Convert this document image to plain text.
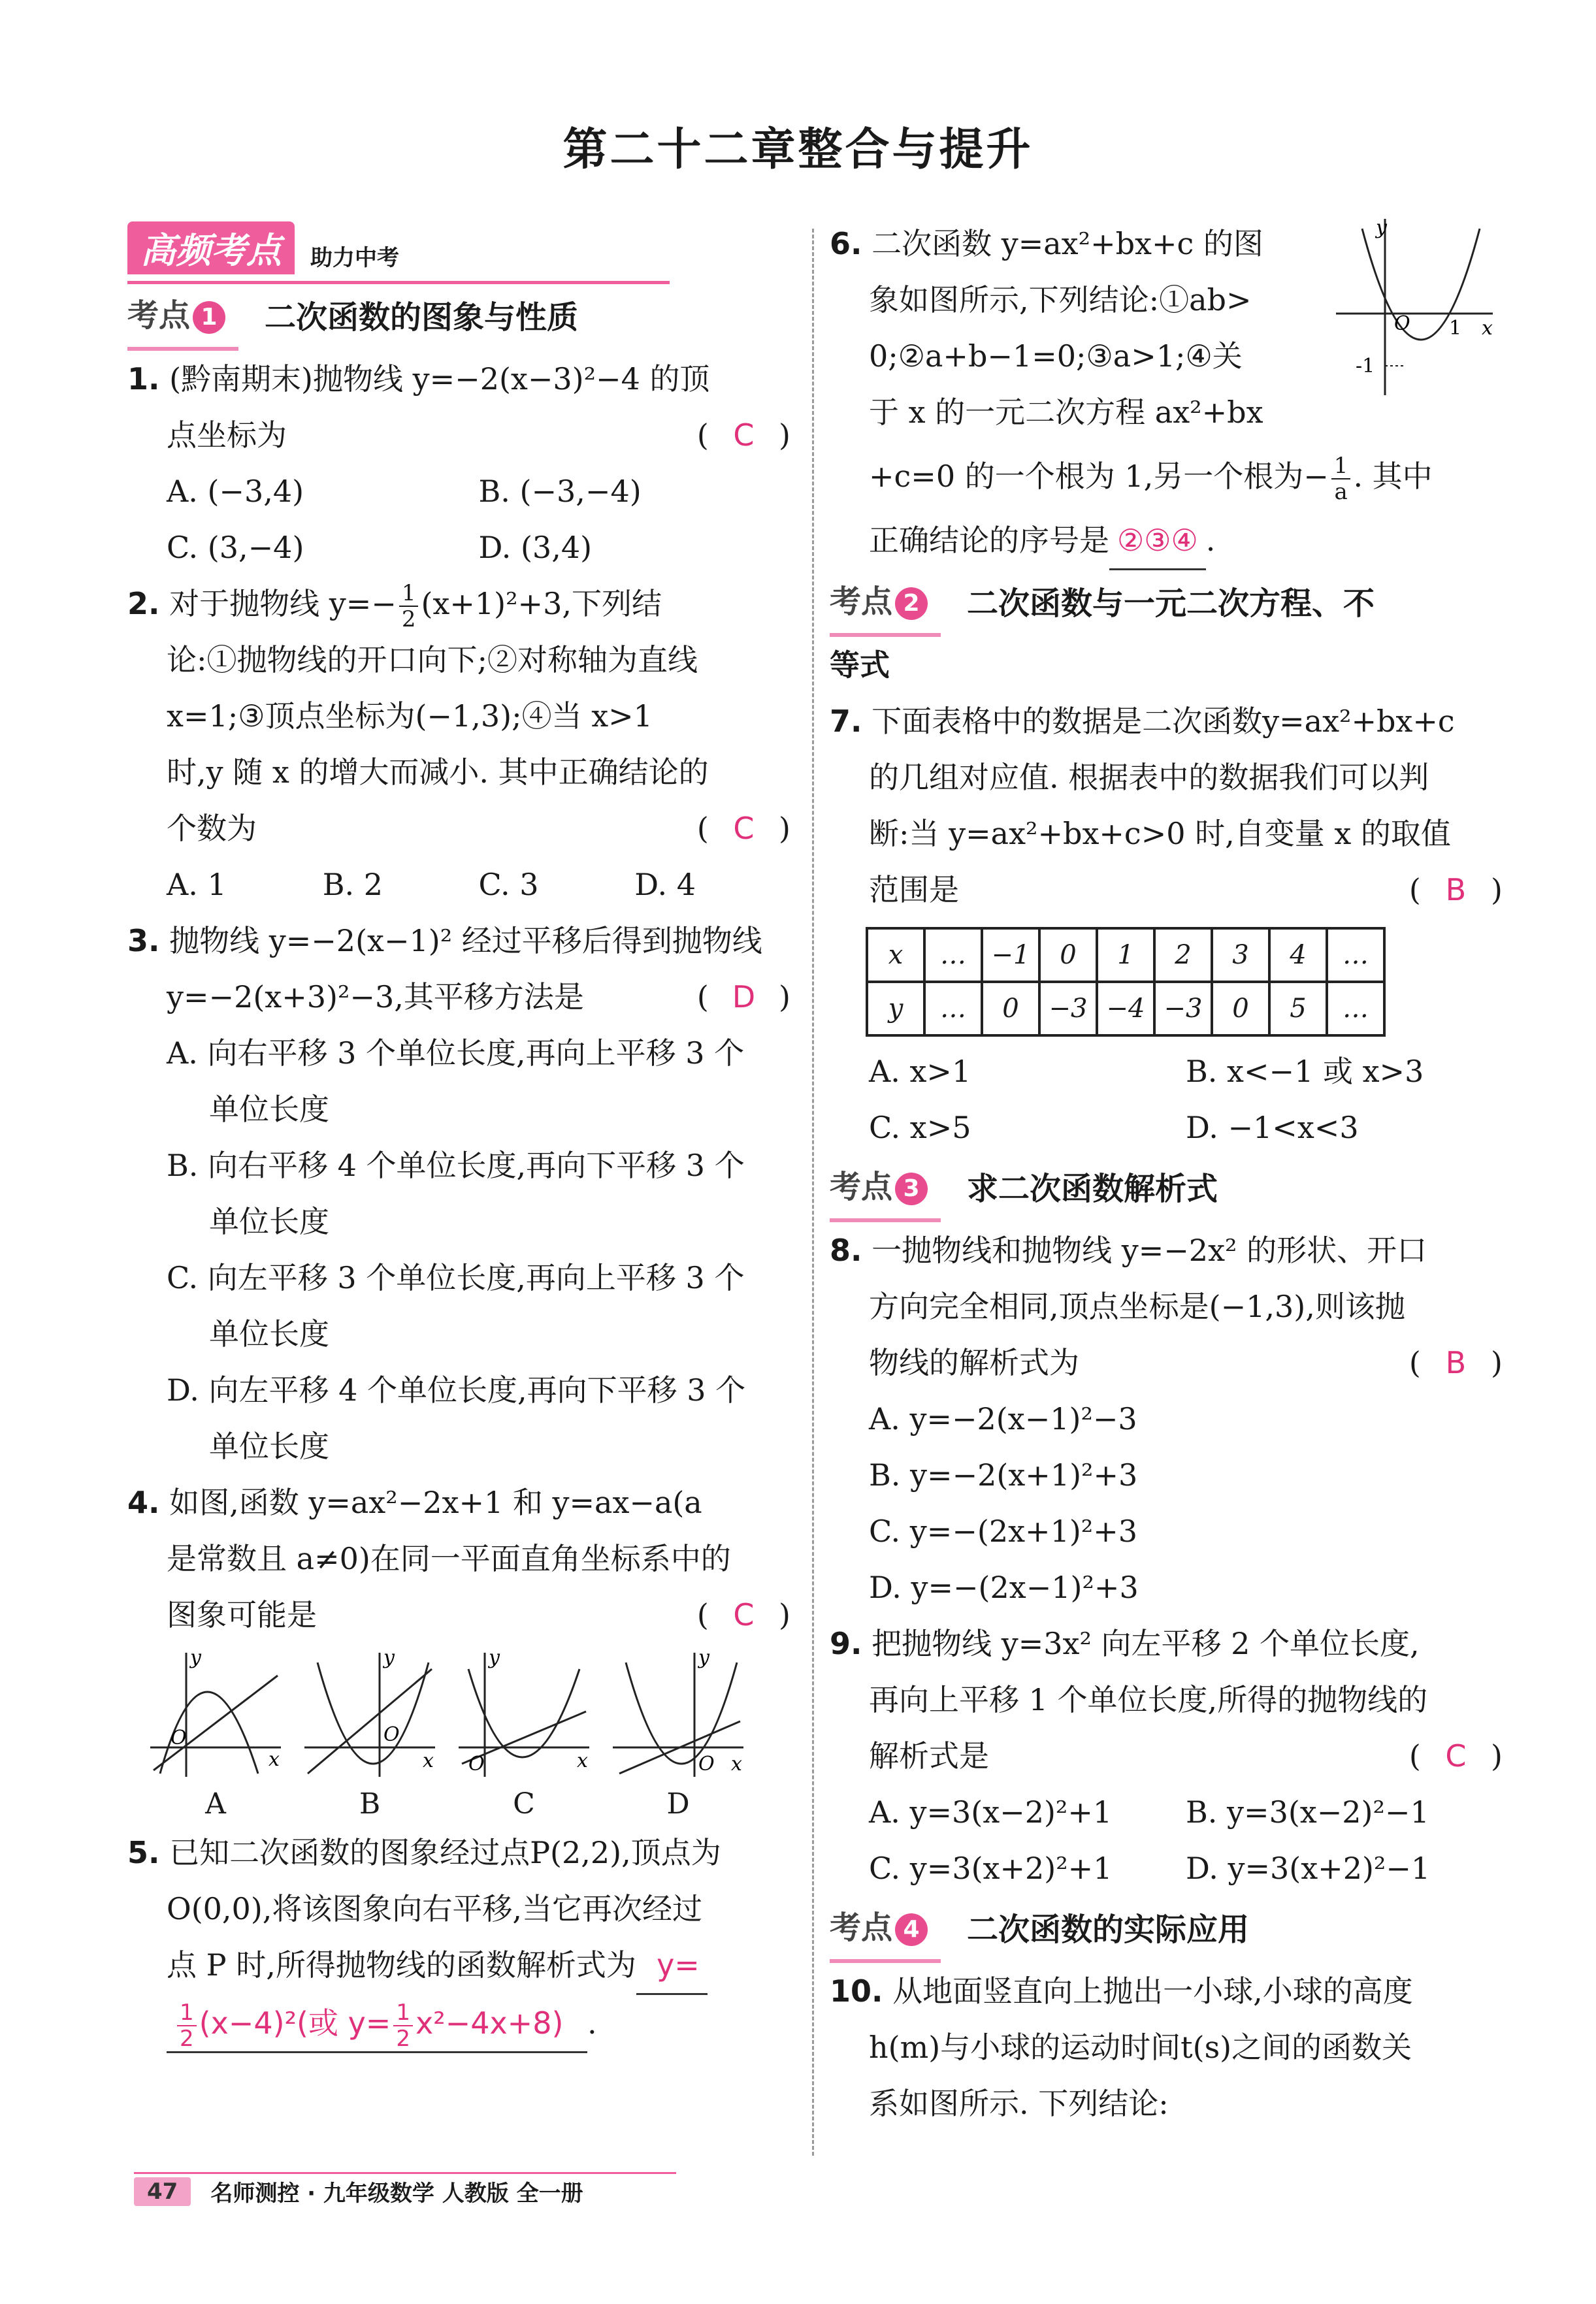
第二十二章整合与提升
高频考点	助力中考
考点 1	二次函数的图象与性质
1. (黔南期末)抛物线 y=−2(x−3)²−4 的顶
点坐标为	( C )
A. (−3,4)	B. (−3,−4)
C. (3,−4)	D. (3,4)
2. 对于抛物线 $y=- \frac{1}{2} (x+1)^2+3$,下列结
论:①抛物线的开口向下;②对称轴为直线
x=1;③顶点坐标为(−1,3);④当 x>1
时,y 随 x 的增大而减小. 其中正确结论的
个数为	( C )
A. 1	B. 2	C. 3	D. 4
3. 抛物线 y=−2(x−1)² 经过平移后得到抛物线
y=−2(x+3)²−3,其平移方法是	( D )
A. 向右平移 3 个单位长度,再向上平移 3 个
单位长度
B. 向右平移 4 个单位长度,再向下平移 3 个
单位长度
C. 向左平移 3 个单位长度,再向上平移 3 个
单位长度
D. 向左平移 4 个单位长度,再向下平移 3 个
单位长度
4. 如图,函数 y=ax²−2x+1 和 y=ax−a(a
是常数且 a≠0)在同一平面直角坐标系中的
图象可能是	( C )
y
x
O
A
y
x
O
B
y
x
O
C
y
x
O
D
5. 已知二次函数的图象经过点P(2,2),顶点为
O(0,0),将该图象向右平移,当它再次经过
点 P 时,所得抛物线的函数解析式为 y=
$\frac{1}{2} (x-4)^2$(或 $y= \frac{1}{2} x^2-4x+8$) .
y
x
O 1
-1
6. 二次函数 y=ax²+bx+c 的图
象如图所示,下列结论:①ab>
0;②a+b−1=0;③a>1;④关
于 x 的一元二次方程 ax²+bx
+c=0 的一个根为 1,另一个根为− $\frac{1}{a}$ . 其中
正确结论的序号是 ②③④ .
考点 2	二次函数与一元二次方程、不
等式
7. 下面表格中的数据是二次函数y=ax²+bx+c
的几组对应值. 根据表中的数据我们可以判
断:当 y=ax²+bx+c>0 时,自变量 x 的取值
范围是	( B )
x	…	−1	0	1	2	3	4	…
y	…	0	−3	−4	−3	0	5	…
A. x>1	B. x<−1 或 x>3
C. x>5	D. −1<x<3
考点 3	求二次函数解析式
8. 一抛物线和抛物线 y=−2x² 的形状、开口
方向完全相同,顶点坐标是(−1,3),则该抛
物线的解析式为	( B )
A. y=−2(x−1)²−3
B. y=−2(x+1)²+3
C. y=−(2x+1)²+3
D. y=−(2x−1)²+3
9. 把抛物线 y=3x² 向左平移 2 个单位长度,
再向上平移 1 个单位长度,所得的抛物线的
解析式是	( C )
A. y=3(x−2)²+1	B. y=3(x−2)²−1
C. y=3(x+2)²+1	D. y=3(x+2)²−1
考点 4	二次函数的实际应用
10. 从地面竖直向上抛出一小球,小球的高度
h(m)与小球的运动时间t(s)之间的函数关
系如图所示. 下列结论:
47	名师测控 · 九年级数学 人教版 全一册
